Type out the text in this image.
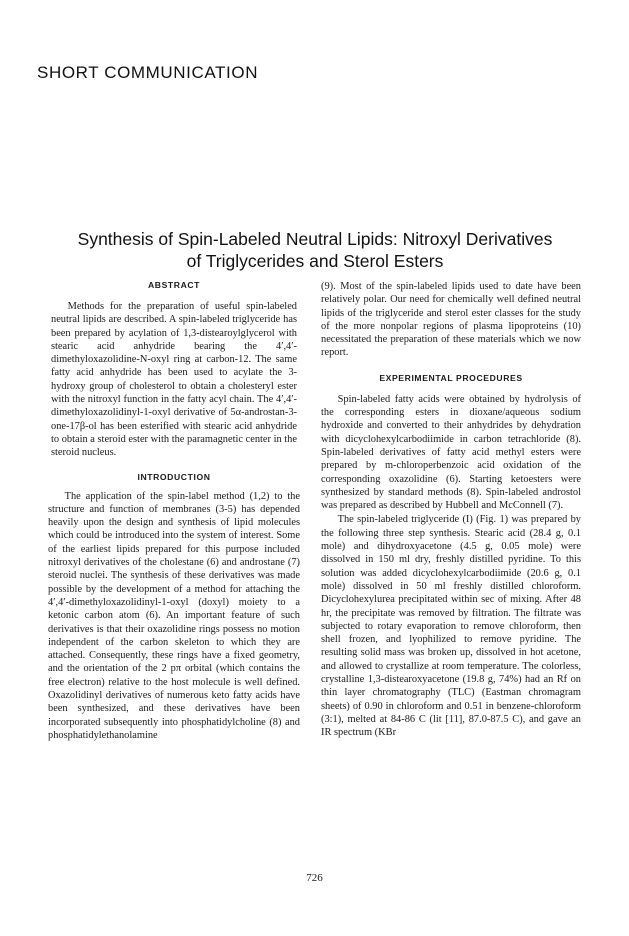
SHORT COMMUNICATION
Synthesis of Spin-Labeled Neutral Lipids: Nitroxyl Derivatives
of Triglycerides and Sterol Esters
ABSTRACT

Methods for the preparation of useful spin-labeled neutral lipids are described. A spin-labeled triglyceride has been prepared by acylation of 1,3-distearoylglycerol with stearic acid anhydride bearing the 4′,4′-dimethyloxazolidine-N-oxyl ring at carbon-12. The same fatty acid anhydride has been used to acylate the 3-hydroxy group of cholesterol to obtain a cholesteryl ester with the nitroxyl function in the fatty acyl chain. The 4′,4′-dimethyloxazolidinyl-1-oxyl derivative of 5α-androstan-3-one-17β-ol has been esterified with stearic acid anhydride to obtain a steroid ester with the paramagnetic center in the steroid nucleus.

INTRODUCTION

The application of the spin-label method (1,2) to the structure and function of membranes (3-5) has depended heavily upon the design and synthesis of lipid molecules which could be introduced into the system of interest. Some of the earliest lipids prepared for this purpose included nitroxyl derivatives of the cholestane (6) and androstane (7) steroid nuclei. The synthesis of these derivatives was made possible by the development of a method for attaching the 4′,4′-dimethyloxazolidinyl-1-oxyl (doxyl) moiety to a ketonic carbon atom (6). An important feature of such derivatives is that their oxazolidine rings possess no motion independent of the carbon skeleton to which they are attached. Consequently, these rings have a fixed geometry, and the orientation of the 2 pπ orbital (which contains the free electron) relative to the host molecule is well defined. Oxazolidinyl derivatives of numerous keto fatty acids have been synthesized, and these derivatives have been incorporated subsequently into phosphatidylcholine (8) and phosphatidylethanolamine

(9). Most of the spin-labeled lipids used to date have been relatively polar. Our need for chemically well defined neutral lipids of the triglyceride and sterol ester classes for the study of the more nonpolar regions of plasma lipoproteins (10) necessitated the preparation of these materials which we now report.

EXPERIMENTAL PROCEDURES

Spin-labeled fatty acids were obtained by hydrolysis of the corresponding esters in dioxane/aqueous sodium hydroxide and converted to their anhydrides by dehydration with dicyclohexylcarbodiimide in carbon tetrachloride (8). Spin-labeled derivatives of fatty acid methyl esters were prepared by m-chloroperbenzoic acid oxidation of the corresponding oxazolidine (6). Starting ketoesters were synthesized by standard methods (8). Spin-labeled androstol was prepared as described by Hubbell and McConnell (7).

The spin-labeled triglyceride (I) (Fig. 1) was prepared by the following three step synthesis. Stearic acid (28.4 g, 0.1 mole) and dihydroxyacetone (4.5 g, 0.05 mole) were dissolved in 150 ml dry, freshly distilled pyridine. To this solution was added dicyclohexylcarbodiimide (20.6 g, 0.1 mole) dissolved in 50 ml freshly distilled chloroform. Dicyclohexylurea precipitated within sec of mixing. After 48 hr, the precipitate was removed by filtration. The filtrate was subjected to rotary evaporation to remove chloroform, then shell frozen, and lyophilized to remove pyridine. The resulting solid mass was broken up, dissolved in hot acetone, and allowed to crystallize at room temperature. The colorless, crystalline 1,3-distearoxyacetone (19.8 g, 74%) had an Rf on thin layer chromatography (TLC) (Eastman chromagram sheets) of 0.90 in chloroform and 0.51 in benzene-chloroform (3:1), melted at 84-86 C (lit [11], 87.0-87.5 C), and gave an IR spectrum (KBr

726
